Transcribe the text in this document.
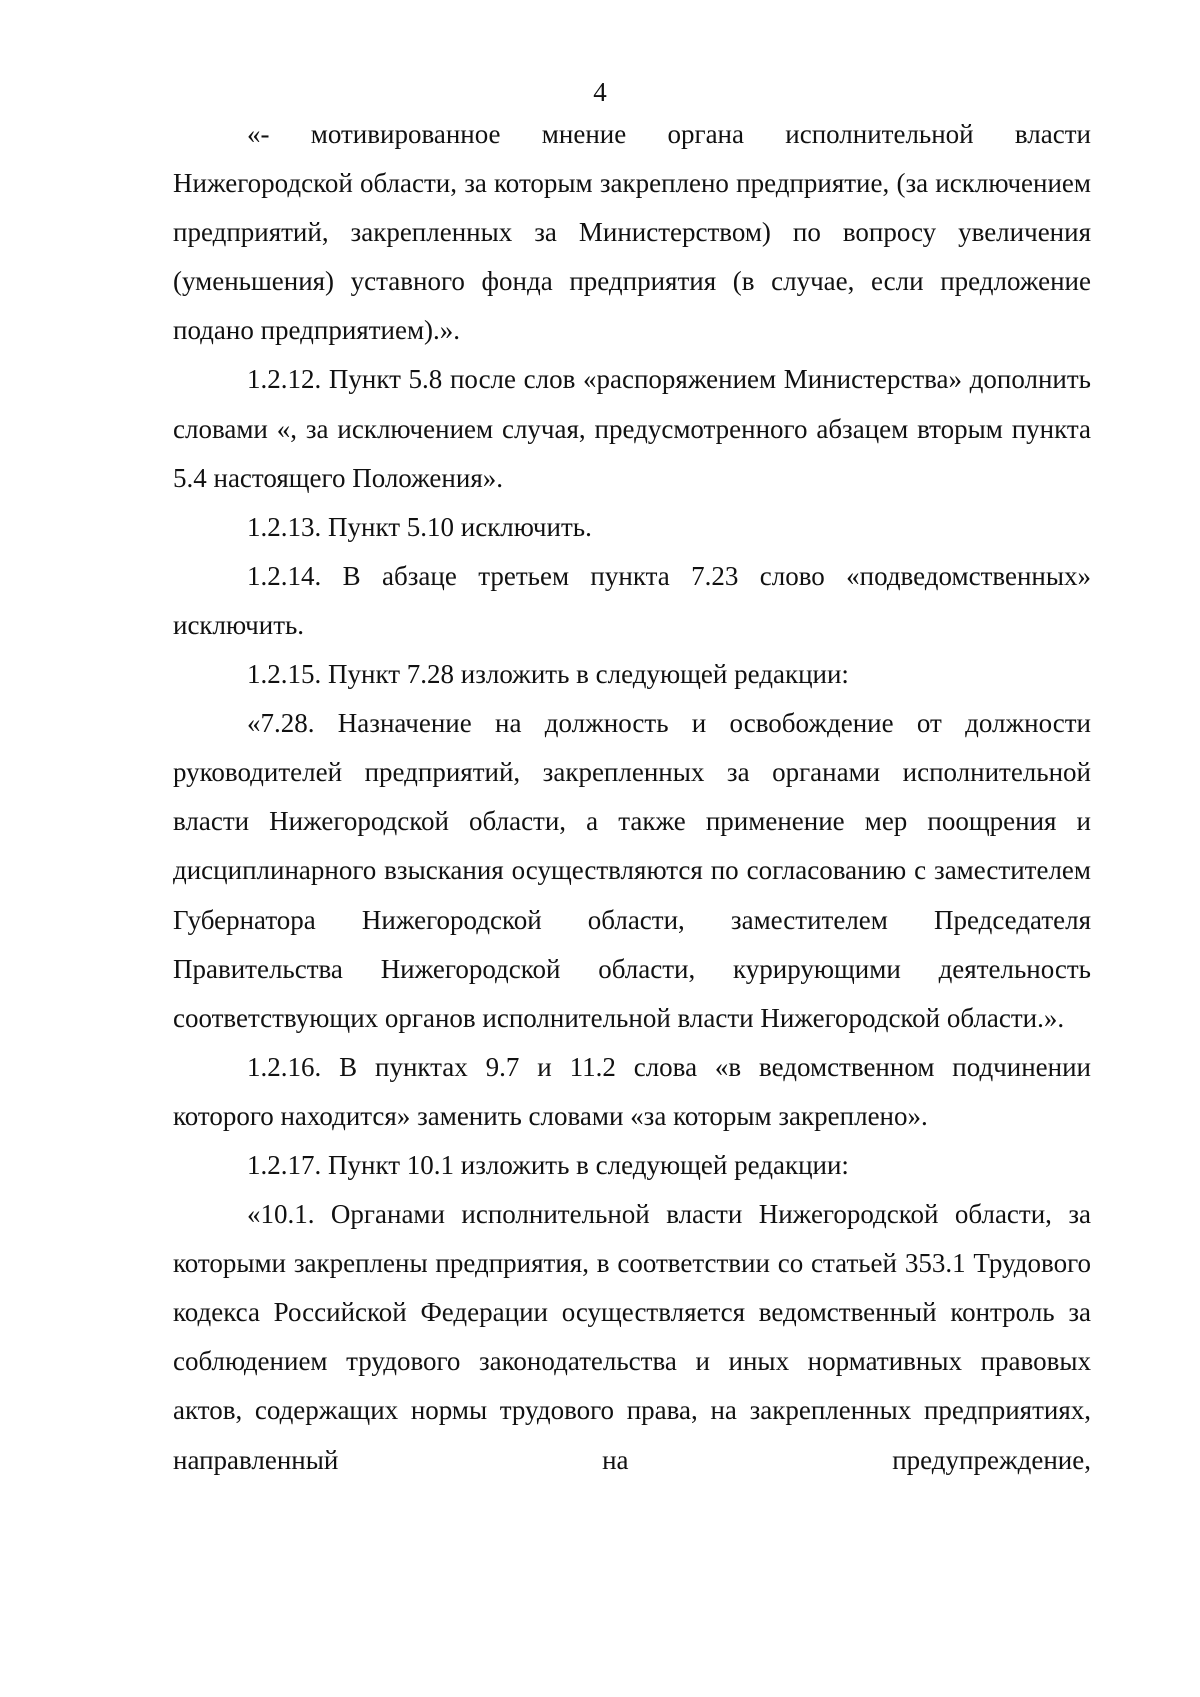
4

«- мотивированное мнение органа исполнительной власти Нижегородской области, за которым закреплено предприятие, (за исключением предприятий, закрепленных за Министерством) по вопросу увеличения (уменьшения) уставного фонда предприятия (в случае, если предложение подано предприятием).».

1.2.12. Пункт 5.8 после слов «распоряжением Министерства» дополнить словами «, за исключением случая, предусмотренного абзацем вторым пункта 5.4 настоящего Положения».

1.2.13. Пункт 5.10 исключить.

1.2.14. В абзаце третьем пункта 7.23 слово «подведомственных» исключить.

1.2.15. Пункт 7.28 изложить в следующей редакции:

«7.28. Назначение на должность и освобождение от должности руководителей предприятий, закрепленных за органами исполнительной власти Нижегородской области, а также применение мер поощрения и дисциплинарного взыскания осуществляются по согласованию с заместителем Губернатора Нижегородской области, заместителем Председателя Правительства Нижегородской области, курирующими деятельность соответствующих органов исполнительной власти Нижегородской области.».

1.2.16. В пунктах 9.7 и 11.2 слова «в ведомственном подчинении которого находится» заменить словами «за которым закреплено».

1.2.17. Пункт 10.1 изложить в следующей редакции:

«10.1. Органами исполнительной власти Нижегородской области, за которыми закреплены предприятия, в соответствии со статьей 353.1 Трудового кодекса Российской Федерации осуществляется ведомственный контроль за соблюдением трудового законодательства и иных нормативных правовых актов, содержащих нормы трудового права, на закрепленных предприятиях, направленный на предупреждение,
